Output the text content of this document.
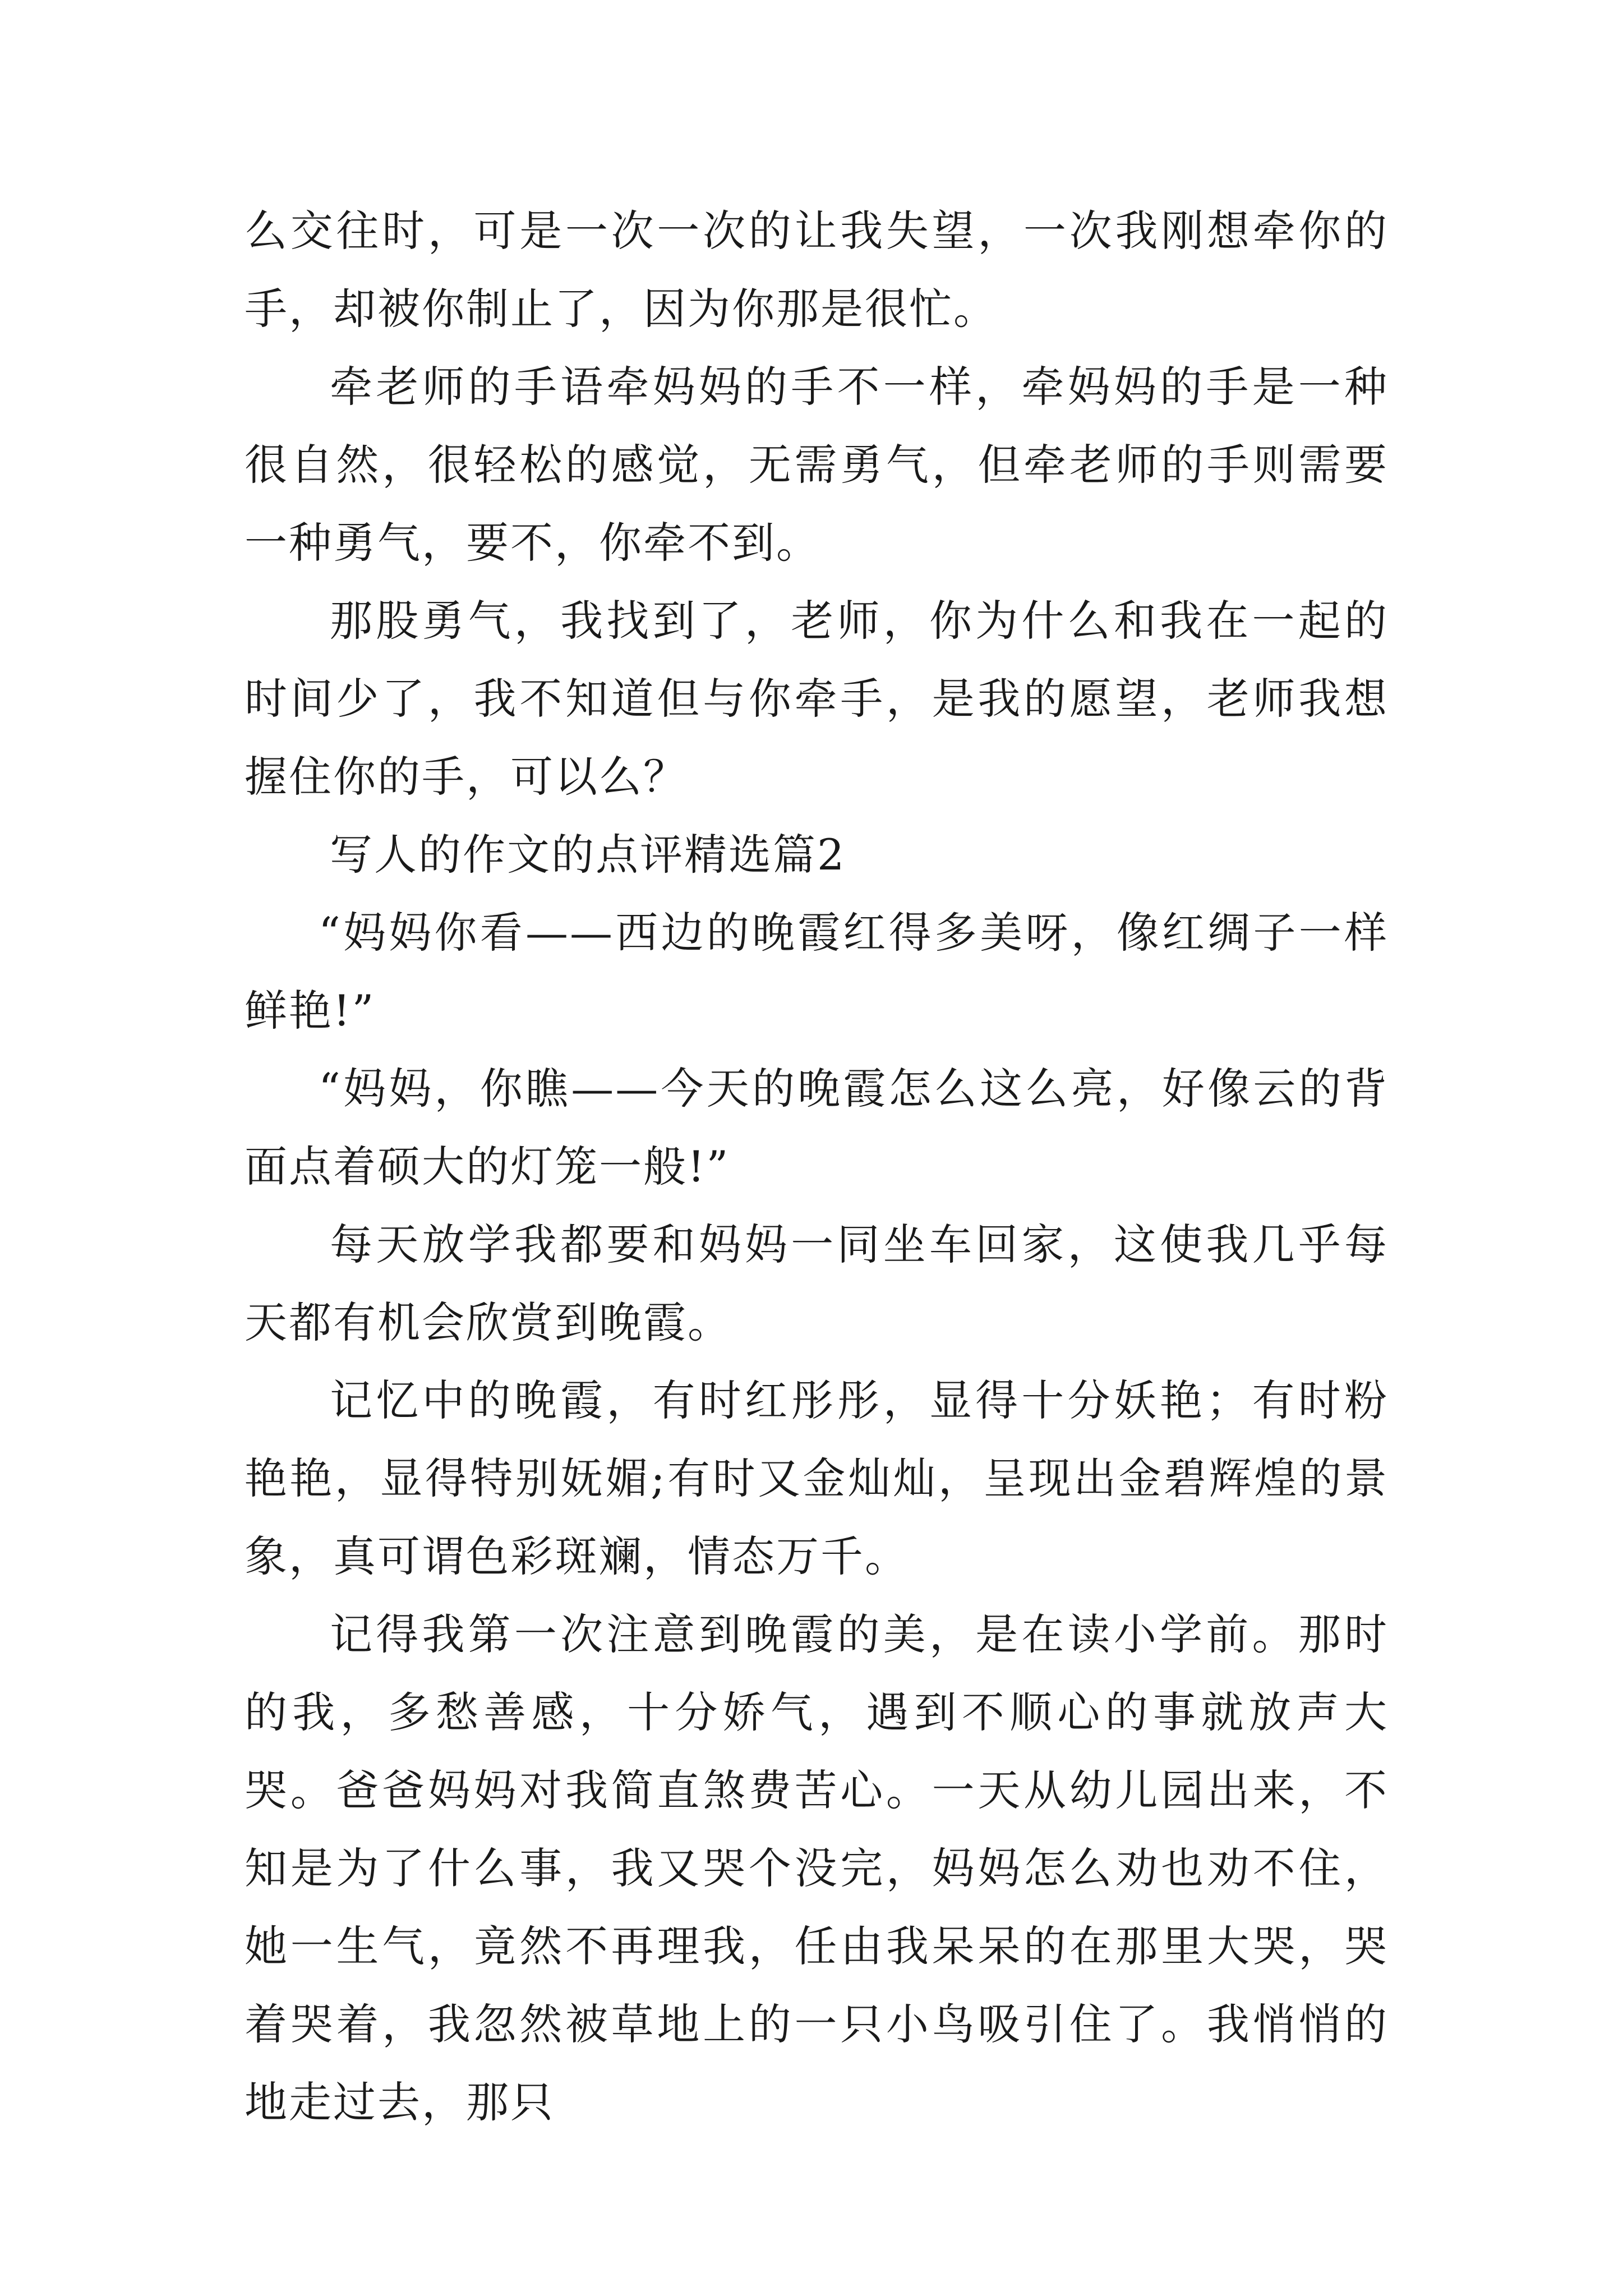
么交往时，可是一次一次的让我失望，一次我刚想牵你的手，却被你制止了，因为你那是很忙。

牵老师的手语牵妈妈的手不一样，牵妈妈的手是一种很自然，很轻松的感觉，无需勇气，但牵老师的手则需要一种勇气，要不，你牵不到。

那股勇气，我找到了，老师，你为什么和我在一起的时间少了，我不知道但与你牵手，是我的愿望，老师我想握住你的手，可以么？

写人的作文的点评精选篇2

“妈妈你看——西边的晚霞红得多美呀，像红绸子一样鲜艳!”

“妈妈，你瞧——今天的晚霞怎么这么亮，好像云的背面点着硕大的灯笼一般!”

每天放学我都要和妈妈一同坐车回家，这使我几乎每天都有机会欣赏到晚霞。

记忆中的晚霞，有时红彤彤，显得十分妖艳；有时粉艳艳，显得特别妩媚;有时又金灿灿，呈现出金碧辉煌的景象，真可谓色彩斑斓，情态万千。

记得我第一次注意到晚霞的美，是在读小学前。那时的我，多愁善感，十分娇气，遇到不顺心的事就放声大哭。爸爸妈妈对我简直煞费苦心。一天从幼儿园出来，不知是为了什么事，我又哭个没完，妈妈怎么劝也劝不住，她一生气，竟然不再理我，任由我呆呆的在那里大哭，哭着哭着，我忽然被草地上的一只小鸟吸引住了。我悄悄的地走过去，那只
